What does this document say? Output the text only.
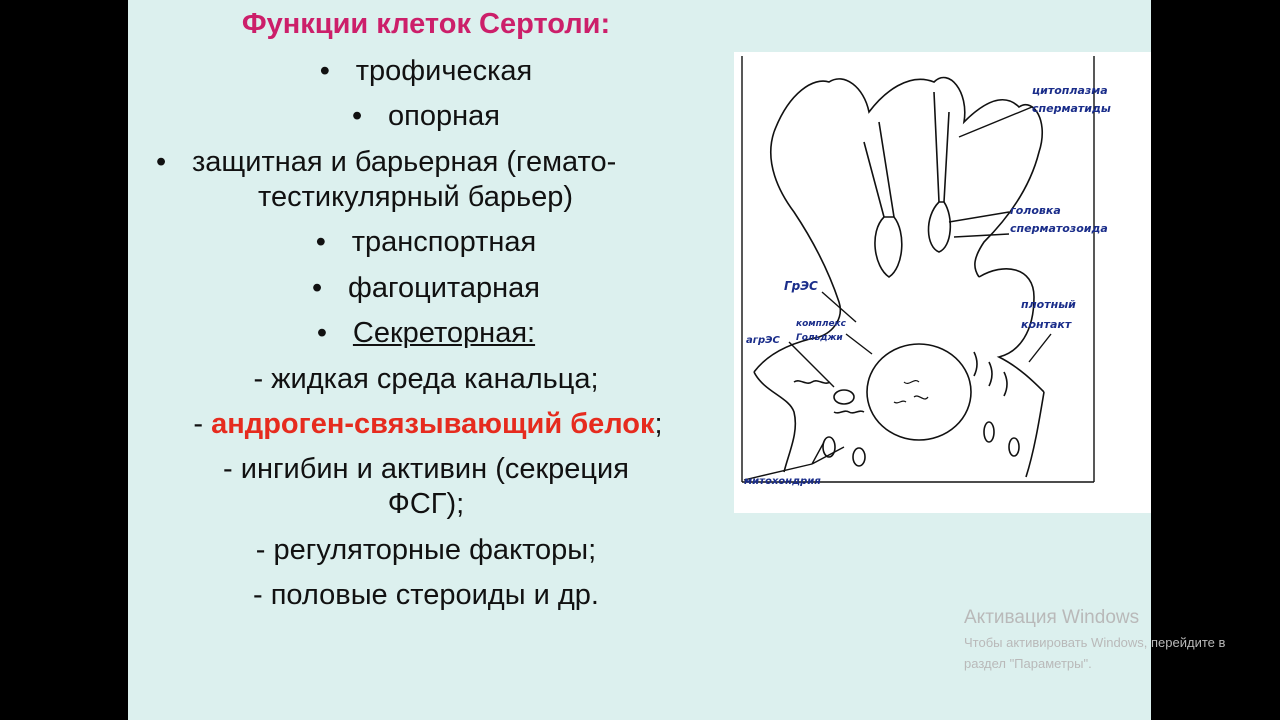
Функции клеток Сертоли:
• трофическая
• опорная
• защитная и барьерная (гемато-
тестикулярный барьер)
• транспортная
• фагоцитарная
• Секреторная:
- жидкая среда канальца;
- андроген-связывающий белок;
- ингибин и активин (секреция
ФСГ);
- регуляторные факторы;
- половые стероиды и др.
цитоплазма
сперматиды
головка
сперматозоида
ГрЭС
комплекс
Гольджи
агрЭС
плотный
контакт
митохондрия
Активация Windows
Чтобы активировать Windows, перейдите в
раздел "Параметры".
